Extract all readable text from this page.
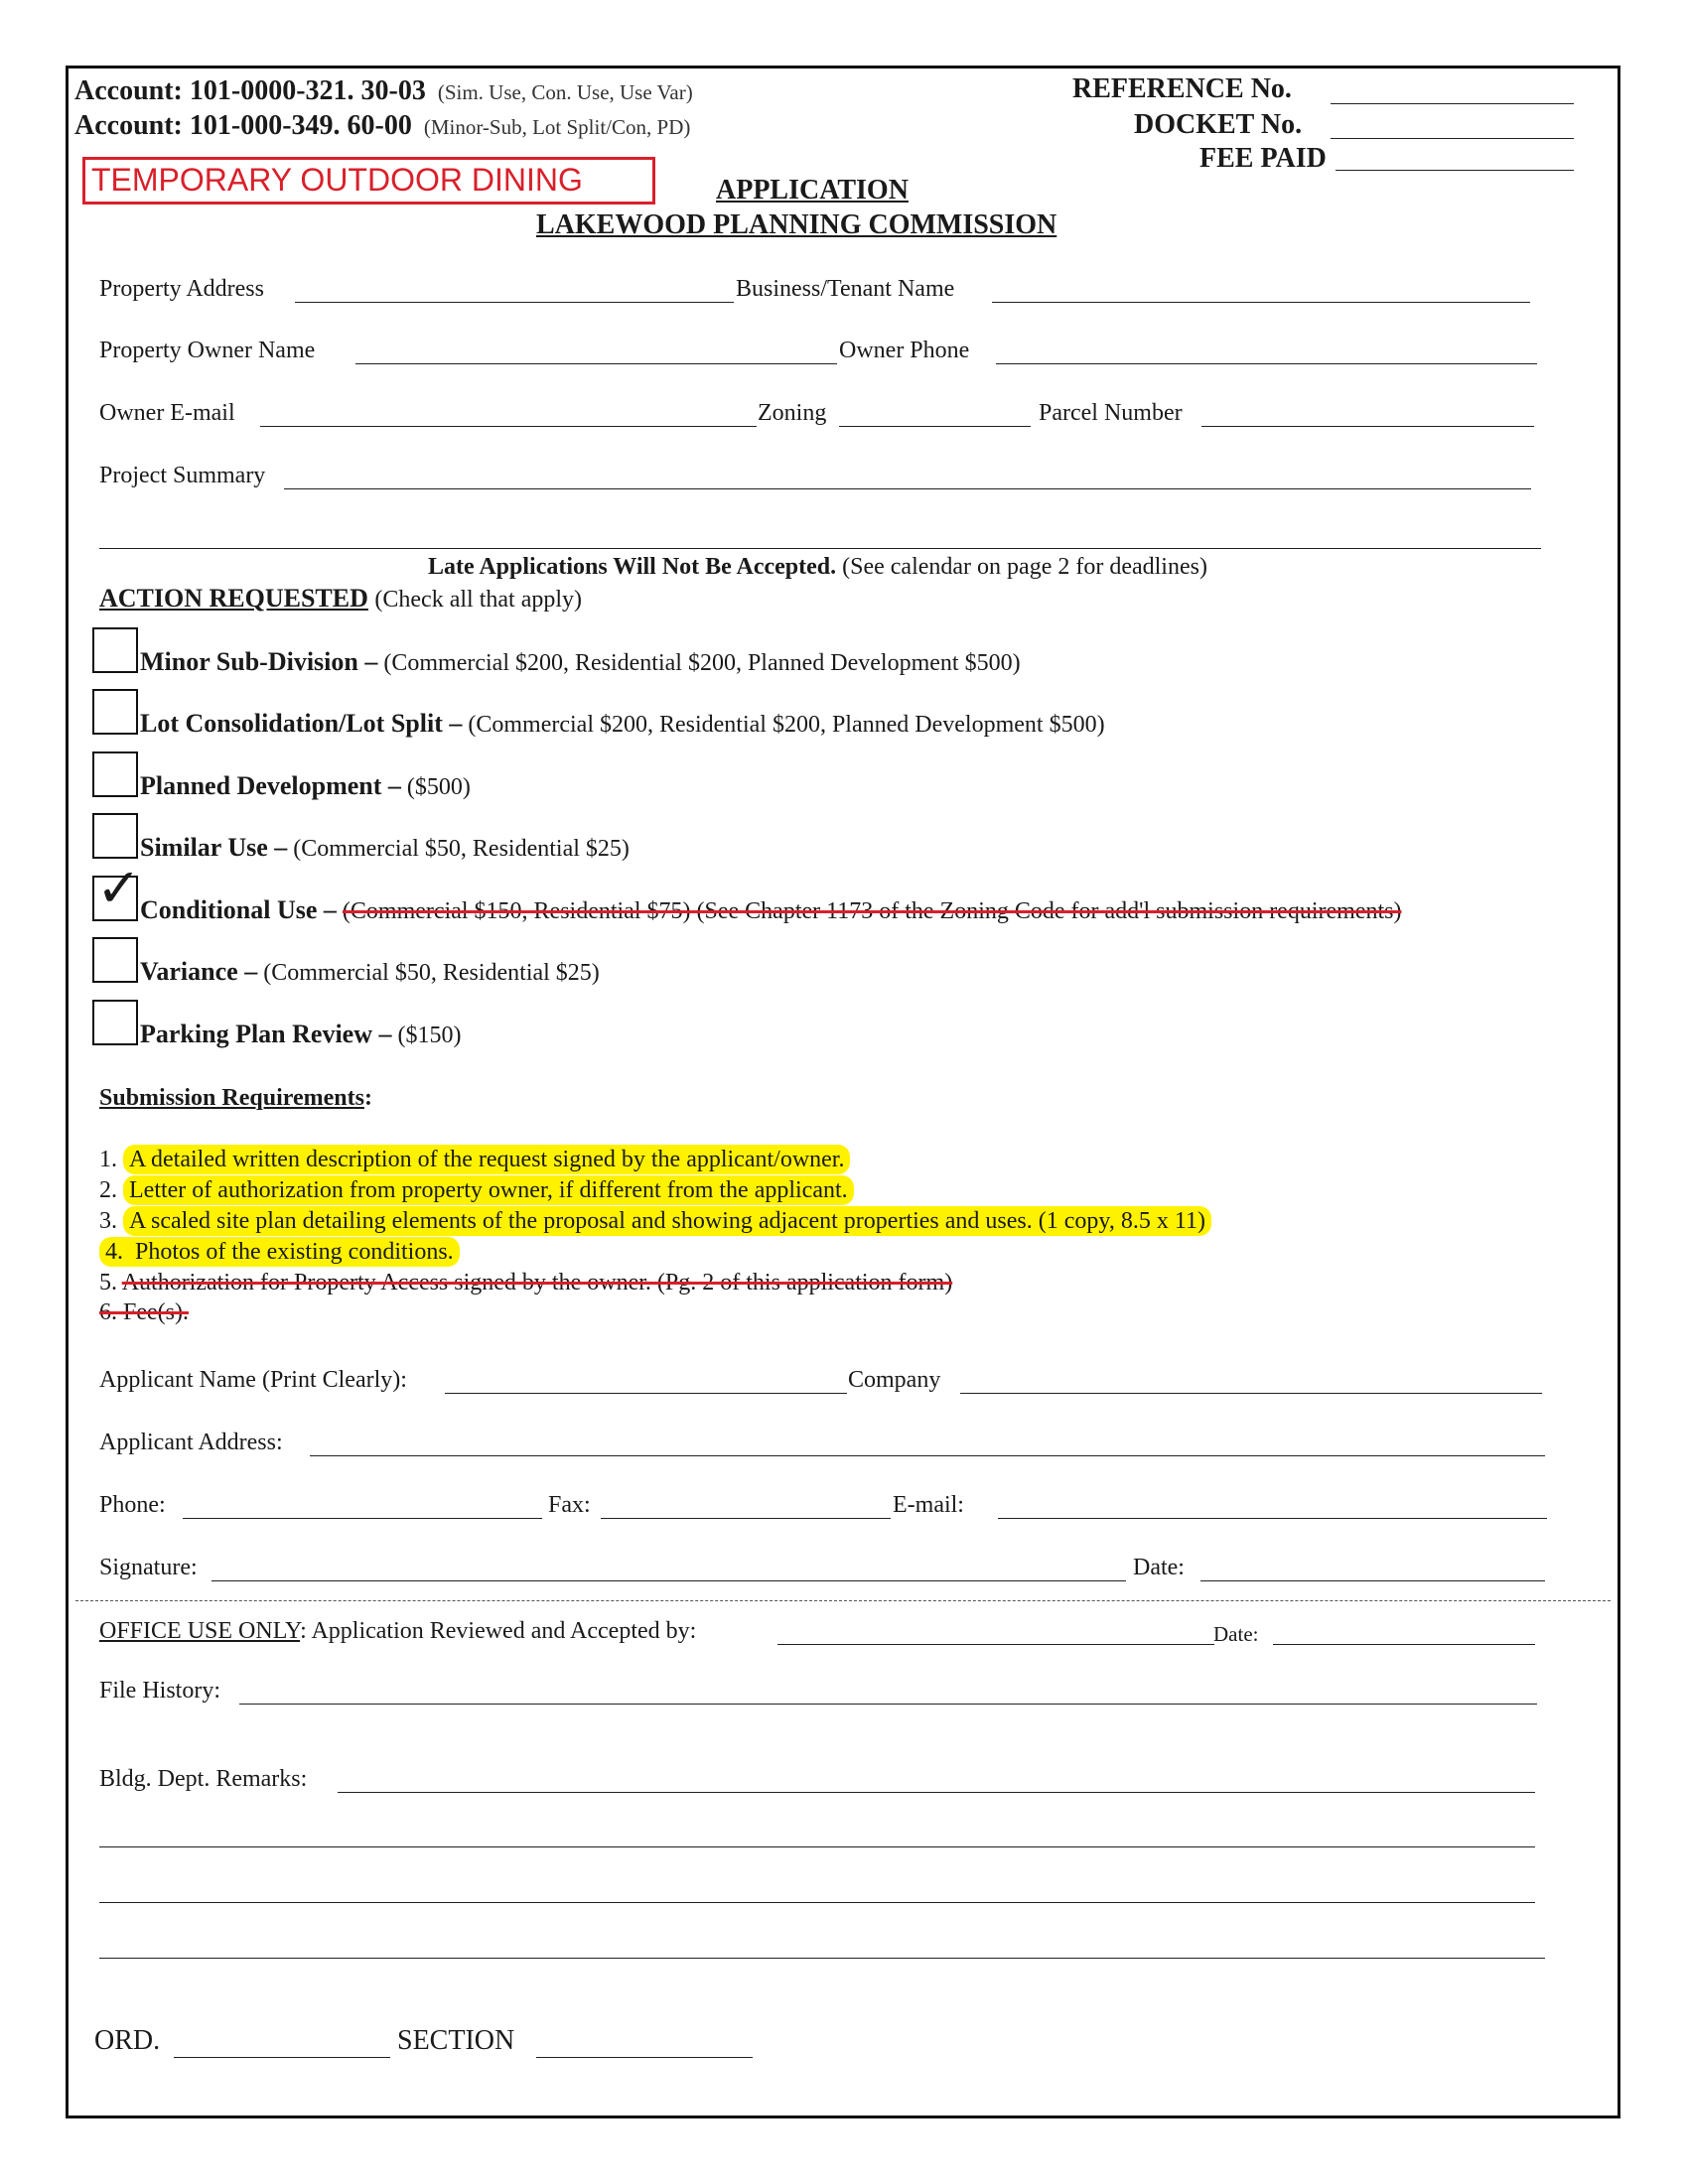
Account: 101-0000-321. 30-03 (Sim. Use, Con. Use, Use Var)
Account: 101-000-349. 60-00 (Minor-Sub, Lot Split/Con, PD)
REFERENCE No.
DOCKET No.
FEE PAID
TEMPORARY OUTDOOR DINING	APPLICATION
LAKEWOOD PLANNING COMMISSION
Property Address	Business/Tenant Name
Property Owner Name	Owner Phone
Owner E-mail	Zoning	Parcel Number
Project Summary
Late Applications Will Not Be Accepted. (See calendar on page 2 for deadlines)
ACTION REQUESTED (Check all that apply)
Minor Sub-Division – (Commercial $200, Residential $200, Planned Development $500)
Lot Consolidation/Lot Split – (Commercial $200, Residential $200, Planned Development $500)
Planned Development – ($500)
Similar Use – (Commercial $50, Residential $25)
✓
Conditional Use – (Commercial $150, Residential $75) (See Chapter 1173 of the Zoning Code for add'l submission requirements)
Variance – (Commercial $50, Residential $25)
Parking Plan Review – ($150)
Submission Requirements:
1. A detailed written description of the request signed by the applicant/owner.
2. Letter of authorization from property owner, if different from the applicant.
3. A scaled site plan detailing elements of the proposal and showing adjacent properties and uses. (1 copy, 8.5 x 11)
4. Photos of the existing conditions.
5. Authorization for Property Access signed by the owner. (Pg. 2 of this application form)
6. Fee(s).
Applicant Name (Print Clearly):	Company
Applicant Address:
Phone:	Fax:	E-mail:
Signature:	Date:
OFFICE USE ONLY: Application Reviewed and Accepted by:	Date:
File History:
Bldg. Dept. Remarks:
ORD.	SECTION
